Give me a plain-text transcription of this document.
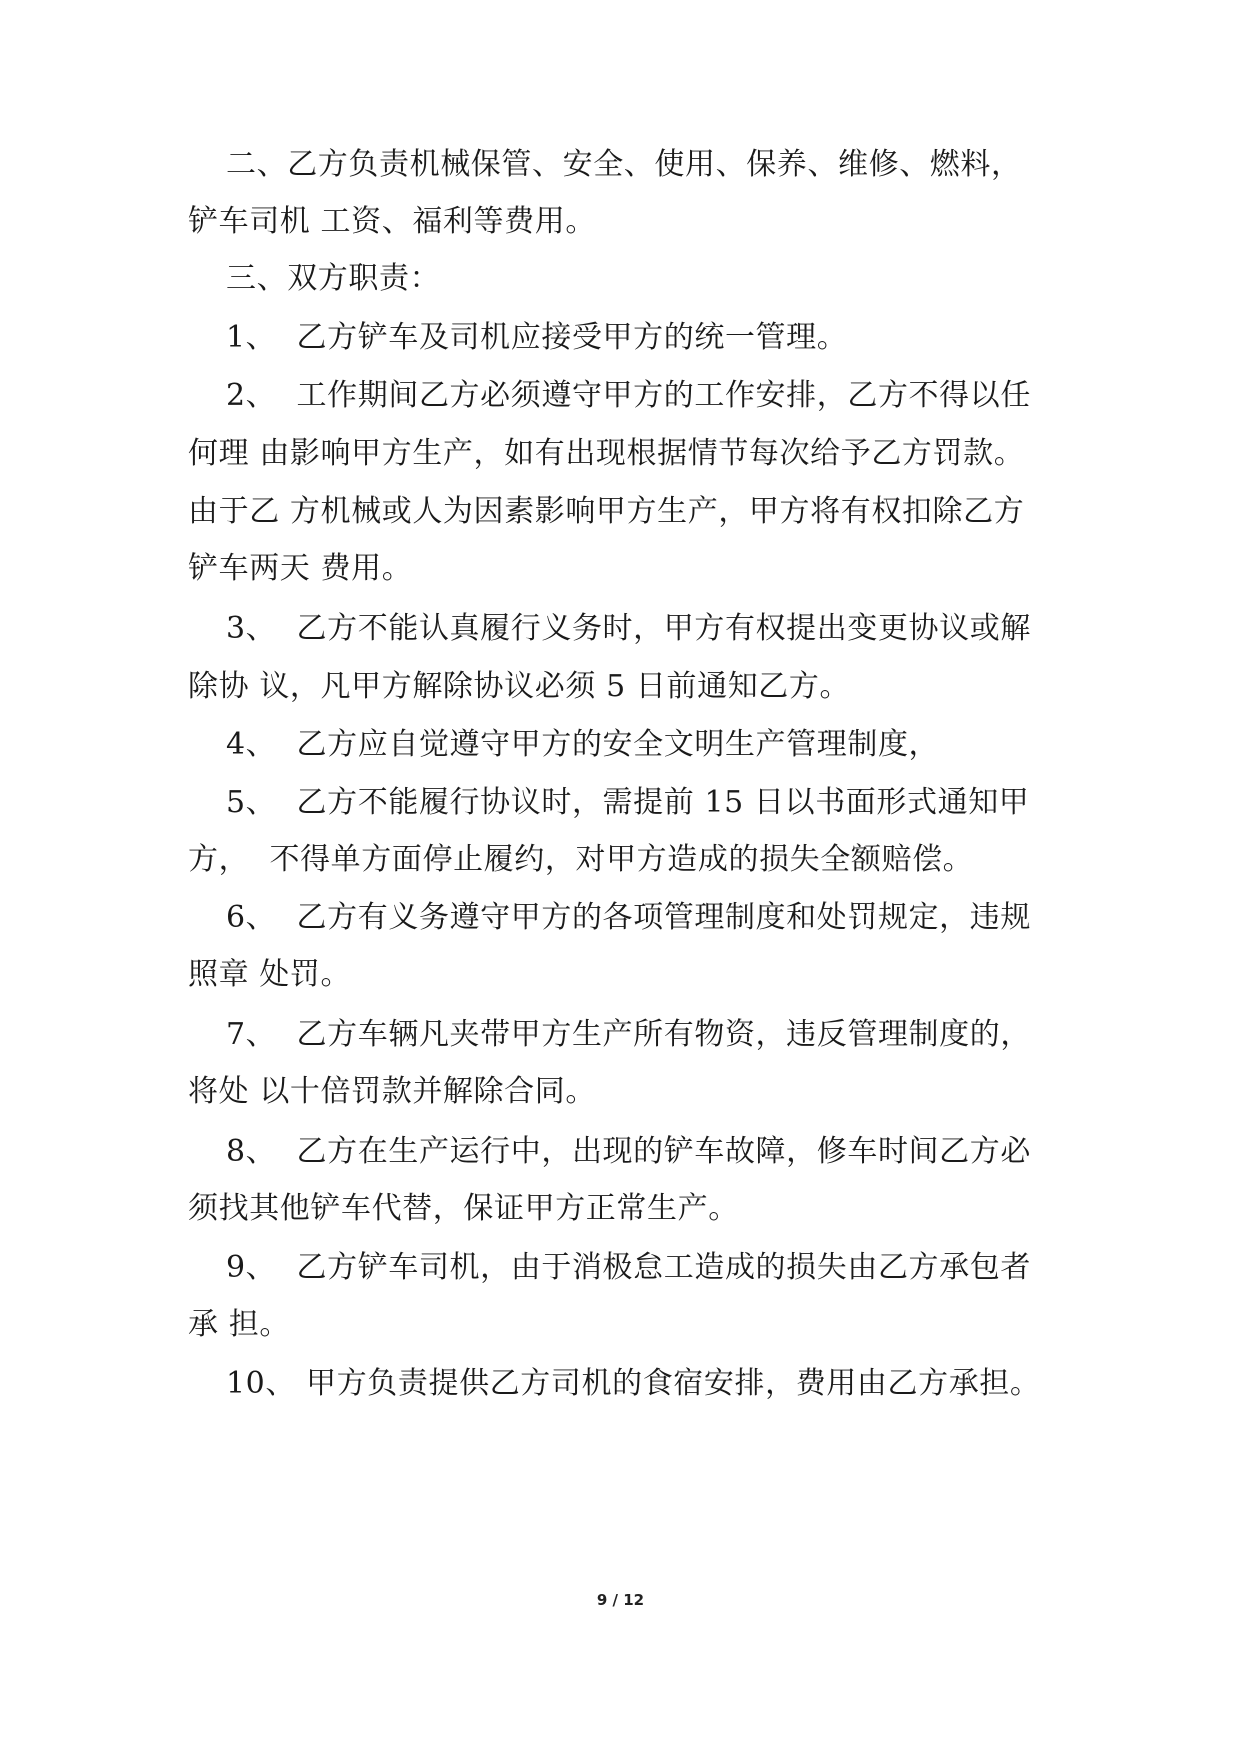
二、乙方负责机械保管、安全、使用、保养、维修、燃料，
铲车司机 工资、福利等费用。
三、双方职责：
1、  乙方铲车及司机应接受甲方的统一管理。
2、  工作期间乙方必须遵守甲方的工作安排，乙方不得以任
何理 由影响甲方生产，如有出现根据情节每次给予乙方罚款。
由于乙 方机械或人为因素影响甲方生产，甲方将有权扣除乙方
铲车两天 费用。
3、  乙方不能认真履行义务时，甲方有权提出变更协议或解
除协 议，凡甲方解除协议必须 5 日前通知乙方。
4、  乙方应自觉遵守甲方的安全文明生产管理制度，
5、  乙方不能履行协议时，需提前 15 日以书面形式通知甲
方，  不得单方面停止履约，对甲方造成的损失全额赔偿。
6、  乙方有义务遵守甲方的各项管理制度和处罚规定，违规
照章 处罚。
7、  乙方车辆凡夹带甲方生产所有物资，违反管理制度的，
将处 以十倍罚款并解除合同。
8、  乙方在生产运行中，出现的铲车故障，修车时间乙方必
须找其他铲车代替，保证甲方正常生产。
9、  乙方铲车司机，由于消极怠工造成的损失由乙方承包者
承 担。
10、 甲方负责提供乙方司机的食宿安排，费用由乙方承担。
9 / 12
